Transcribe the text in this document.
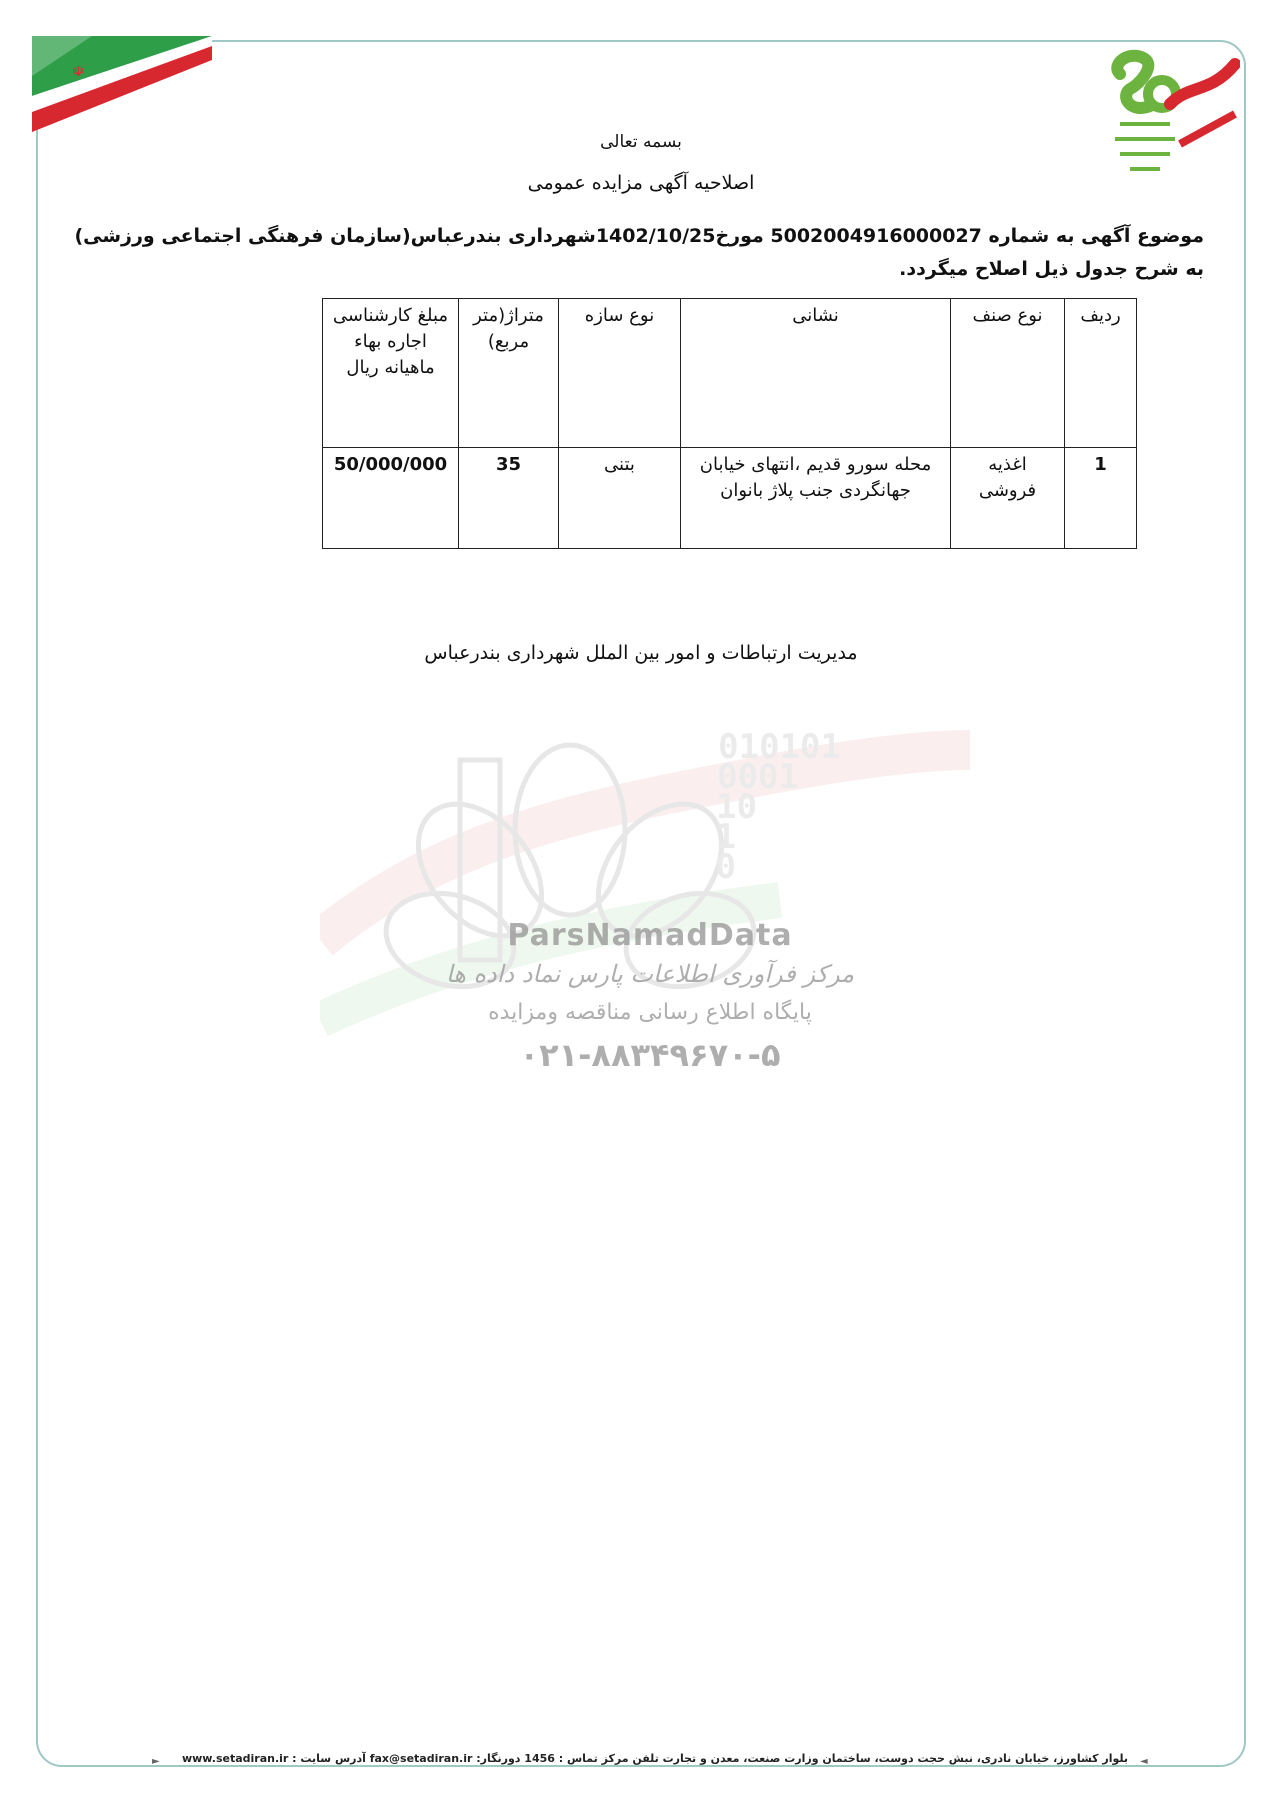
☫
بسمه تعالی
اصلاحیه آگهی مزایده عمومی
موضوع آگهی به شماره 5002004916000027 مورخ1402/10/25شهرداری بندرعباس(سازمان فرهنگی اجتماعی ورزشی) به شرح جدول ذیل اصلاح میگردد.
ردیف	نوع صنف	نشانی	نوع سازه	متراژ(متر مربع)	مبلغ کارشناسی اجاره بهاء ماهیانه ریال
1	اغذیه فروشی	محله سورو قدیم ،انتهای خیابان جهانگردی جنب پلاژ بانوان	بتنی	35	50/000/000
مدیریت ارتباطات و امور بین الملل شهرداری بندرعباس
010101
0001
10
1
0
ParsNamadData
مرکز فرآوری اطلاعات پارس نماد داده ها
پایگاه اطلاع رسانی مناقصه ومزایده
۰۲۱-۸۸۳۴۹۶۷۰-۵
◄
بلوار کشاورز، خیابان نادری، نبش حجت دوست، ساختمان وزارت صنعت، معدن و تجارت تلفن مرکز تماس : 1456 دورنگار: fax@setadiran.ir آدرس سایت : www.setadiran.ir
►
